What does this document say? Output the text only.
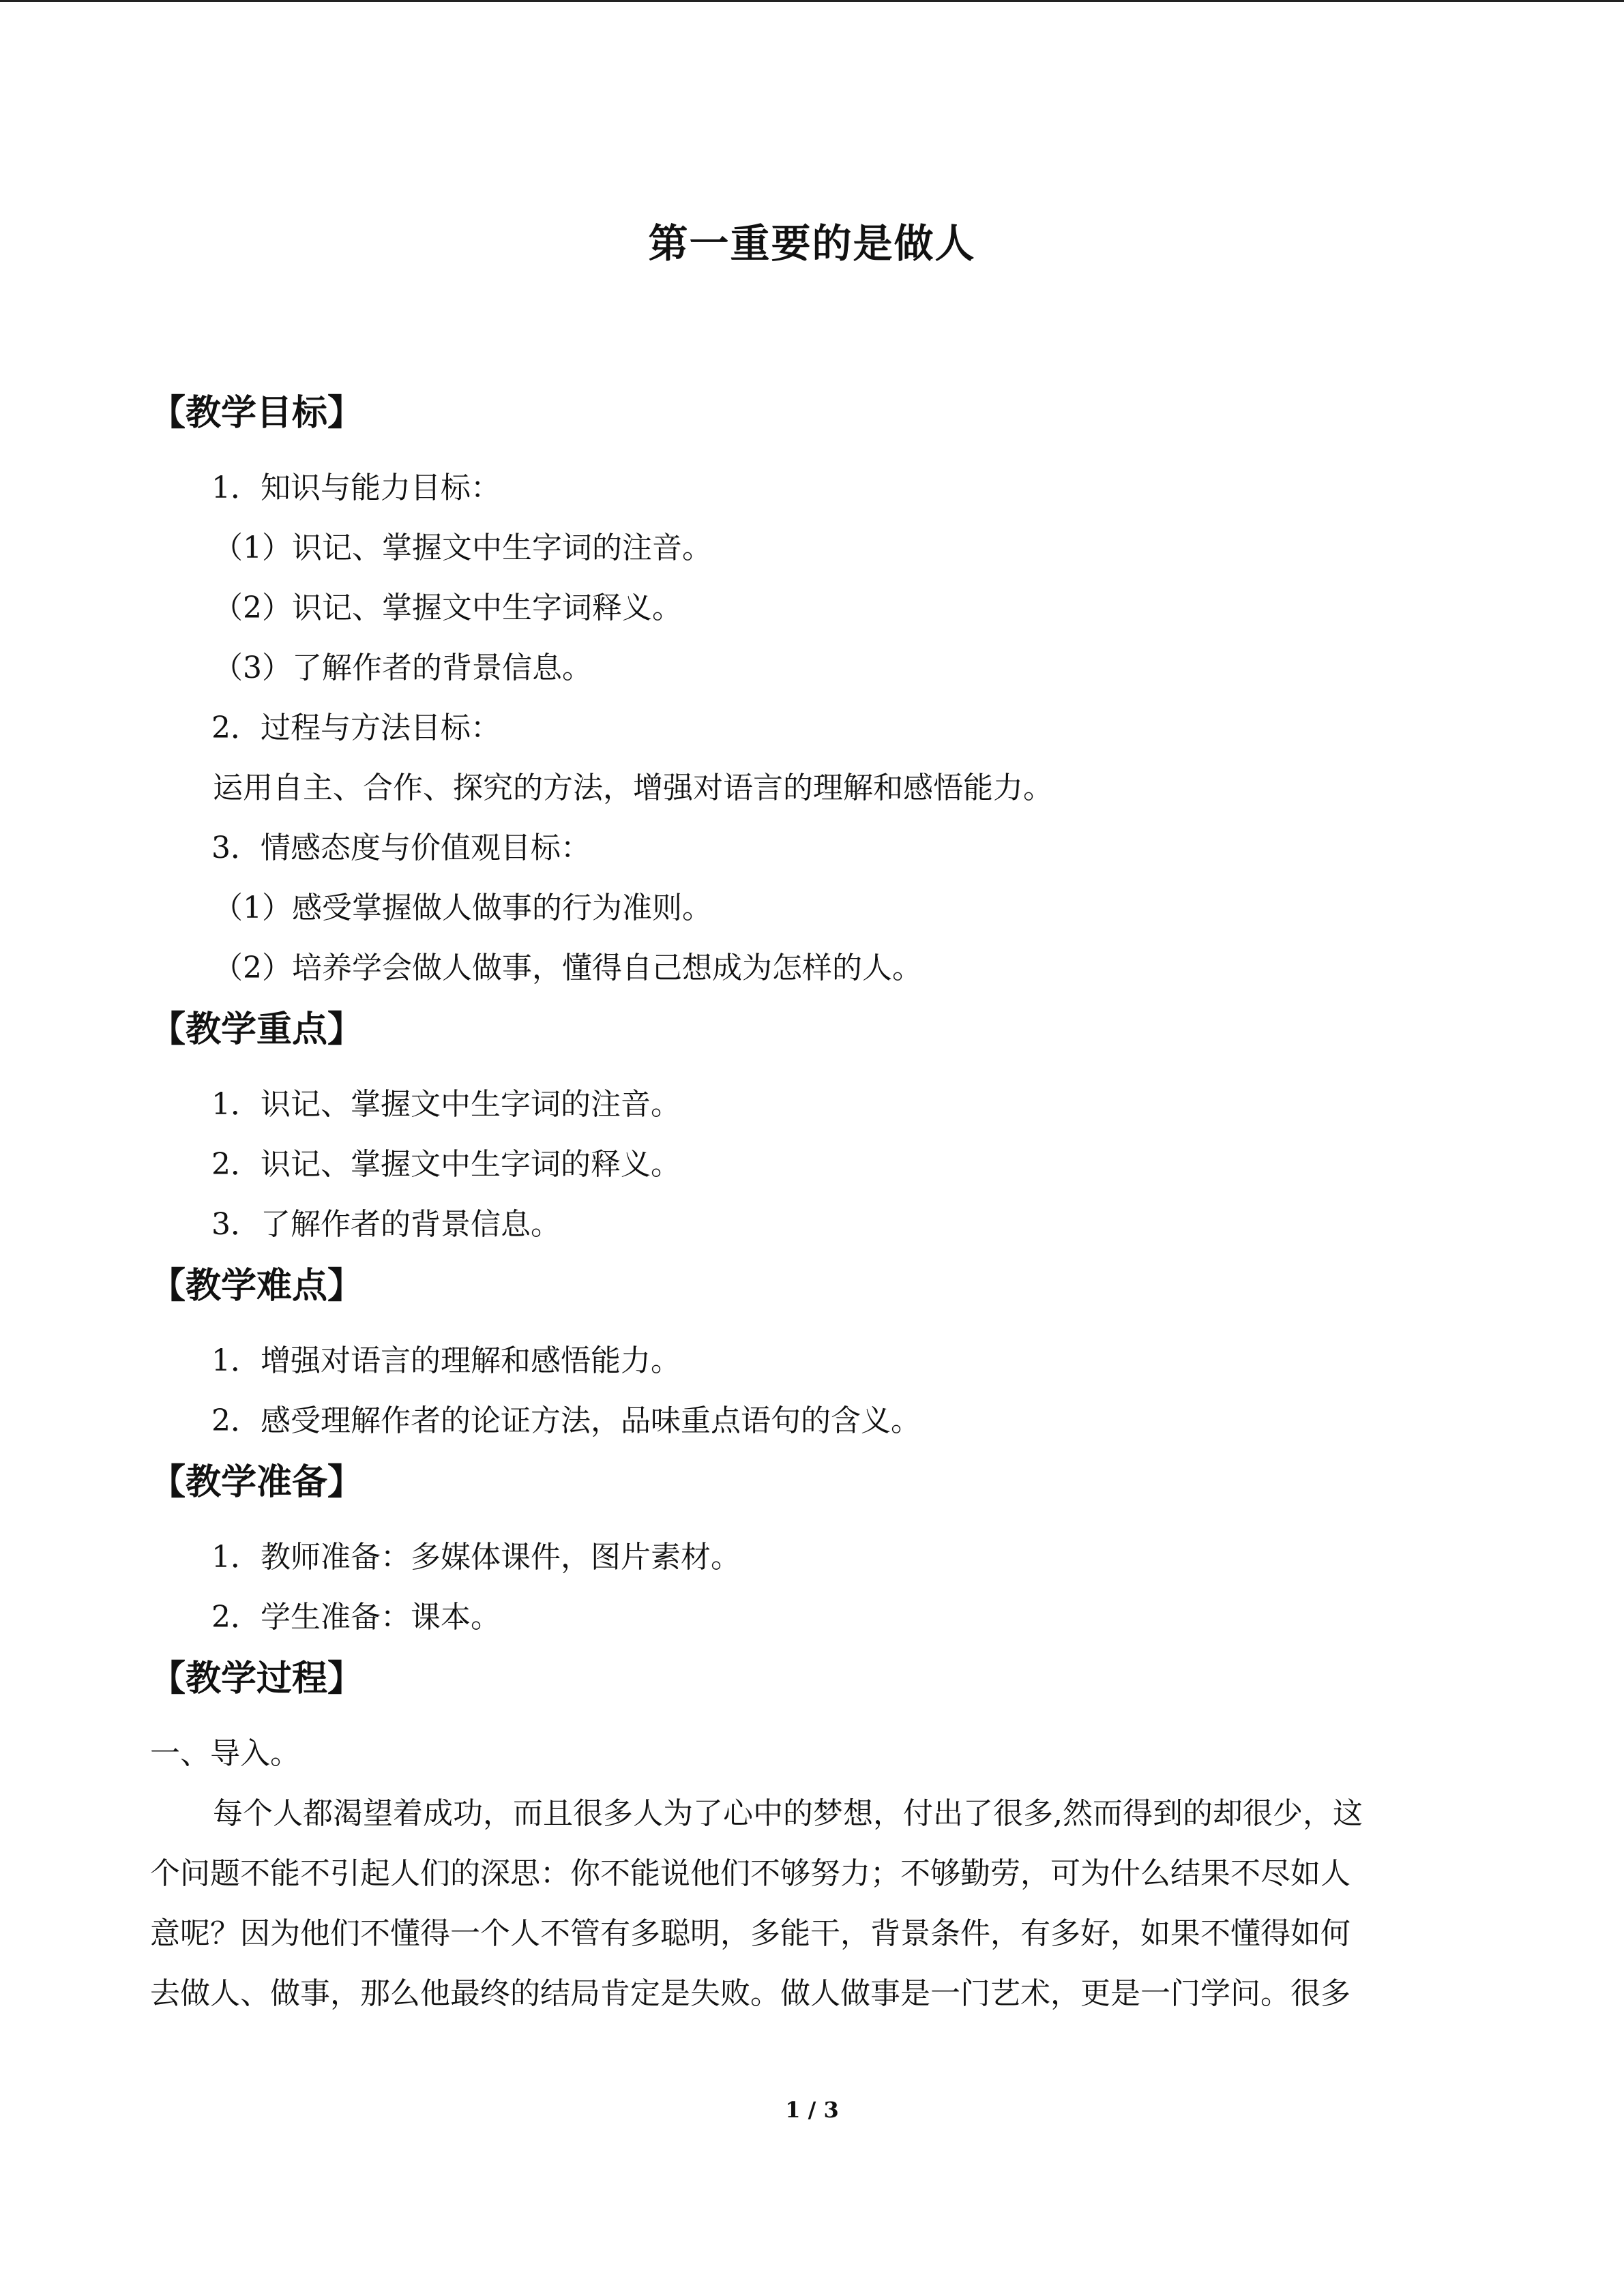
第一重要的是做人
【教学目标】
1．知识与能力目标：
（1）识记、掌握文中生字词的注音。
（2）识记、掌握文中生字词释义。
（3）了解作者的背景信息。
2．过程与方法目标：
运用自主、合作、探究的方法，增强对语言的理解和感悟能力。
3．情感态度与价值观目标：
（1）感受掌握做人做事的行为准则。
（2）培养学会做人做事，懂得自己想成为怎样的人。
【教学重点】
1．识记、掌握文中生字词的注音。
2．识记、掌握文中生字词的释义。
3．了解作者的背景信息。
【教学难点】
1．增强对语言的理解和感悟能力。
2．感受理解作者的论证方法，品味重点语句的含义。
【教学准备】
1．教师准备：多媒体课件，图片素材。
2．学生准备：课本。
【教学过程】
一、导入。
每个人都渴望着成功，而且很多人为了心中的梦想，付出了很多,然而得到的却很少，这
个问题不能不引起人们的深思：你不能说他们不够努力；不够勤劳，可为什么结果不尽如人
意呢？因为他们不懂得一个人不管有多聪明，多能干，背景条件，有多好，如果不懂得如何
去做人、做事，那么他最终的结局肯定是失败。做人做事是一门艺术，更是一门学问。很多
1 / 3
